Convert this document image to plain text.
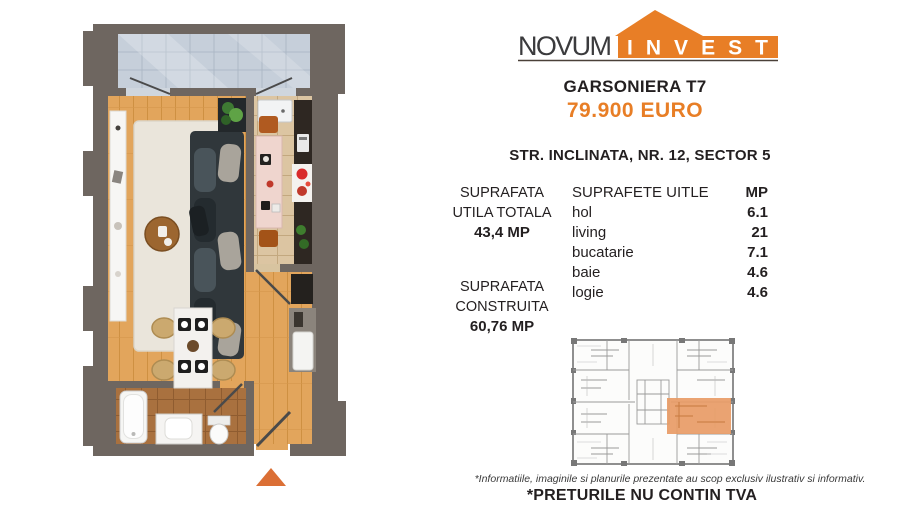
NOVUM INVEST
GARSONIERA T7
79.900 EURO
STR. INCLINATA, NR. 12, SECTOR 5
SUPRAFATA
UTILA TOTALA
43,4 MP
SUPRAFATA
CONSTRUITA
60,76 MP
SUPRAFETE UITLE MP
hol	6.1
living	21
bucatarie	7.1
baie	4.6
logie	4.6
*Informatiile, imaginile si planurile prezentate au scop exclusiv ilustrativ si informativ.
*PRETURILE NU CONTIN TVA
